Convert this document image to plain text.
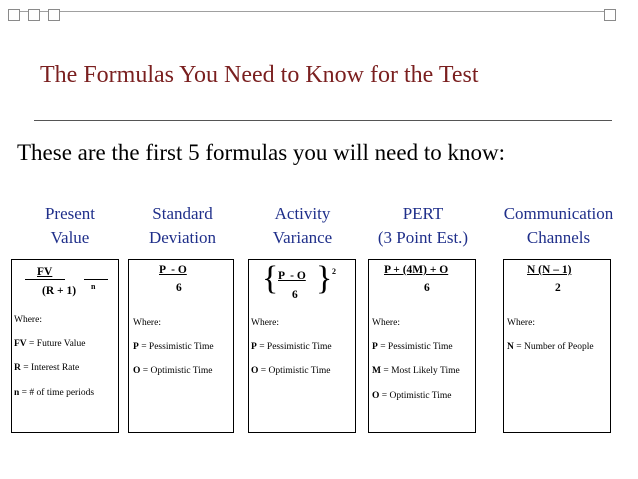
The Formulas You Need to Know for the Test
These are the first 5 formulas you will need to know:
Present
Value
Standard
Deviation
Activity
Variance
PERT
(3 Point Est.)
Communication
Channels
FV
(R + 1) n
Where:
FV = Future Value
R = Interest Rate
n = # of time periods
P  - O
6
Where:
P = Pessimistic Time
O = Optimistic Time
{ P  - O
6 } 2
Where:
P = Pessimistic Time
O = Optimistic Time
P + (4M) + O
6
Where:
P = Pessimistic Time
M = Most Likely Time
O = Optimistic Time
N (N – 1)
2
Where:
N = Number of People
